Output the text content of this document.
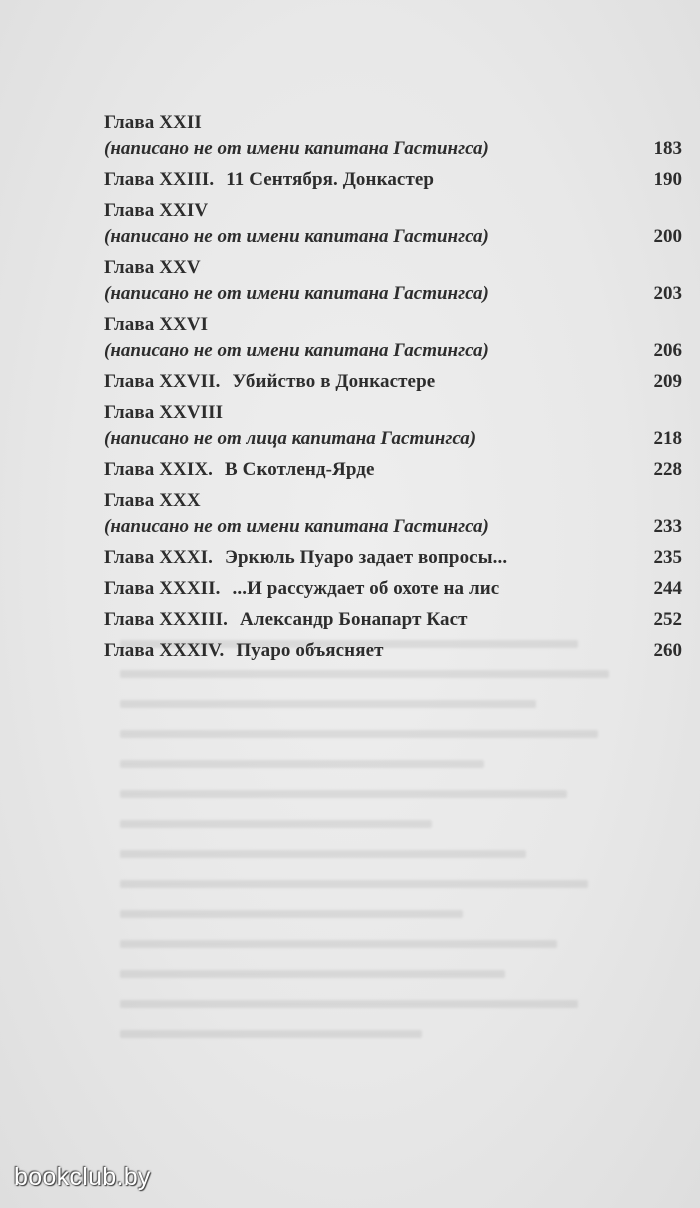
Глава XXII
(написано не от имени капитана Гастингса)	183
Глава XXIII. 11 Сентября. Донкастер	190
Глава XXIV
(написано не от имени капитана Гастингса)	200
Глава XXV
(написано не от имени капитана Гастингса)	203
Глава XXVI
(написано не от имени капитана Гастингса)	206
Глава XXVII. Убийство в Донкастере	209
Глава XXVIII
(написано не от лица капитана Гастингса)	218
Глава XXIX. В Скотленд-Ярде	228
Глава XXX
(написано не от имени капитана Гастингса)	233
Глава XXXI. Эркюль Пуаро задает вопросы...	235
Глава XXXII. ...И рассуждает об охоте на лис	244
Глава XXXIII. Александр Бонапарт Каст	252
Глава XXXIV. Пуаро объясняет	260
bookclub.by
